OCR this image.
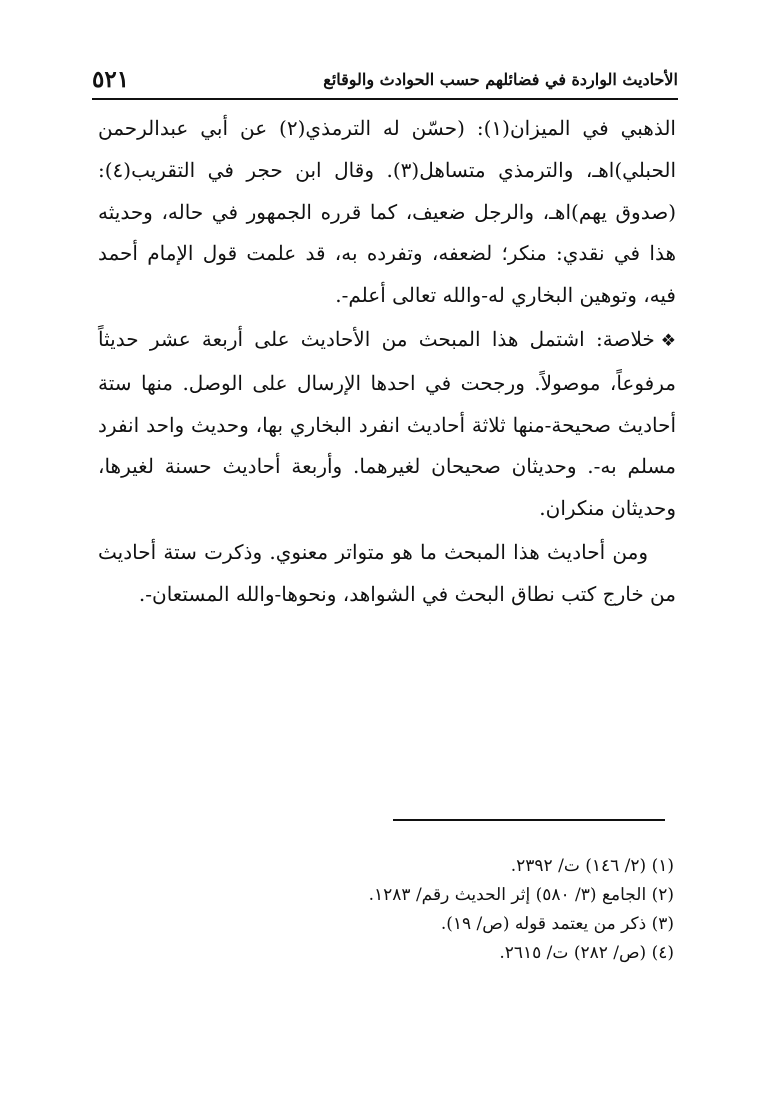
٥٢١	الأحاديث الواردة في فضائلهم حسب الحوادث والوقائع

الذهبي في الميزان(١): (حسّن له الترمذي(٢) عن أبي عبدالرحمن الحبلي)اهـ، والترمذي متساهل(٣). وقال ابن حجر في التقريب(٤): (صدوق يهم)اهـ، والرجل ضعيف، كما قرره الجمهور في حاله، وحديثه هذا في نقدي: منكر؛ لضعفه، وتفرده به، قد علمت قول الإمام أحمد فيه، وتوهين البخاري له-والله تعالى أعلم-.

❖خلاصة: اشتمل هذا المبحث من الأحاديث على أربعة عشر حديثاً مرفوعاً، موصولاً. ورجحت في احدها الإرسال على الوصل. منها ستة أحاديث صحيحة-منها ثلاثة أحاديث انفرد البخاري بها، وحديث واحد انفرد مسلم به-. وحديثان صحيحان لغيرهما. وأربعة أحاديث حسنة لغيرها، وحديثان منكران.

ومن أحاديث هذا المبحث ما هو متواتر معنوي. وذكرت ستة أحاديث من خارج كتب نطاق البحث في الشواهد، ونحوها-والله المستعان-.

(١) (٢/ ١٤٦) ت/ ٢٣٩٢.
(٢) الجامع (٣/ ٥٨٠) إثر الحديث رقم/ ١٢٨٣.
(٣) ذكر من يعتمد قوله (ص/ ١٩).
(٤) (ص/ ٢٨٢) ت/ ٢٦١٥.
